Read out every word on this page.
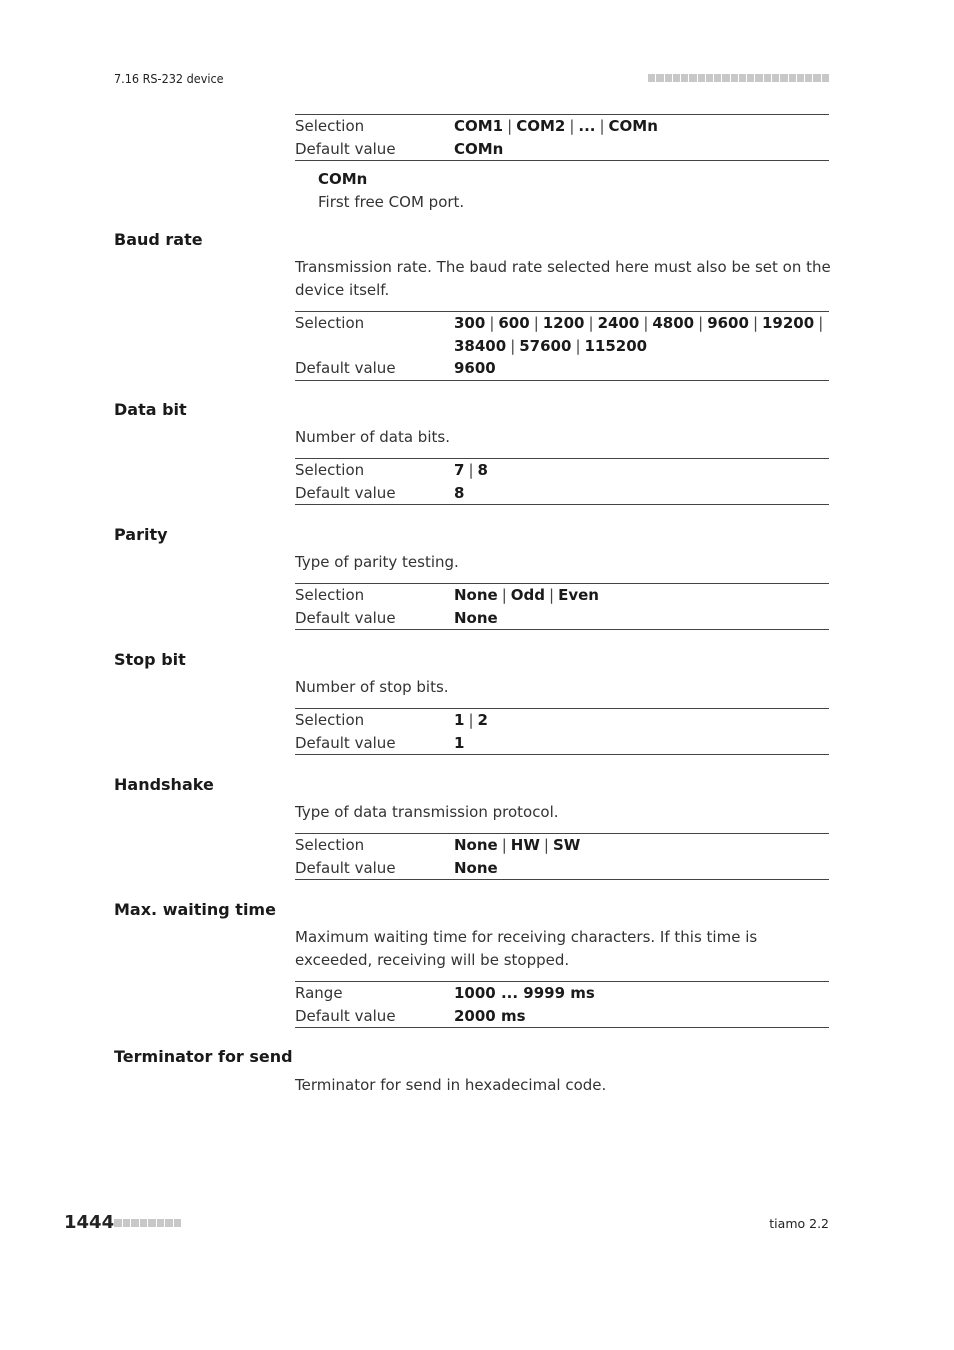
7.16 RS-232 device
Selection	COM1 | COM2 | ... | COMn
Default value	COMn
COMn
First free COM port.
Baud rate
Transmission rate. The baud rate selected here must also be set on the device itself.
Selection	300 | 600 | 1200 | 2400 | 4800 | 9600 | 19200 |
38400 | 57600 | 115200
Default value	9600
Data bit
Number of data bits.
Selection	7 | 8
Default value	8
Parity
Type of parity testing.
Selection	None | Odd | Even
Default value	None
Stop bit
Number of stop bits.
Selection	1 | 2
Default value	1
Handshake
Type of data transmission protocol.
Selection	None | HW | SW
Default value	None
Max. waiting time
Maximum waiting time for receiving characters. If this time is exceeded, receiving will be stopped.
Range	1000 ... 9999 ms
Default value	2000 ms
Terminator for send
Terminator for send in hexadecimal code.
1444	tiamo 2.2
